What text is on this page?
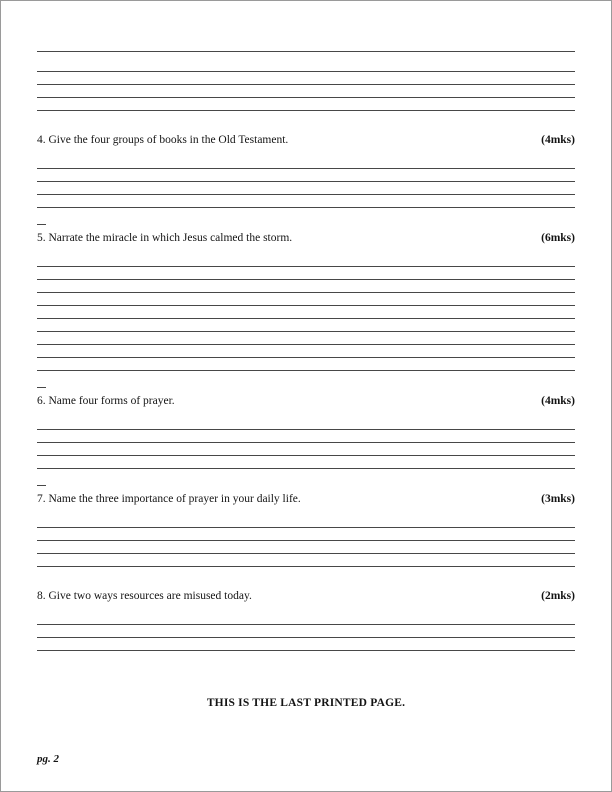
4. Give the four groups of books in the Old Testament.	(4mks)
5. Narrate the miracle in which Jesus calmed the storm.	(6mks)
6. Name four forms of prayer.	(4mks)
7. Name the three importance of prayer in your daily life.	(3mks)
8. Give two ways resources are misused today.	(2mks)
THIS IS THE LAST PRINTED PAGE.
pg. 2
